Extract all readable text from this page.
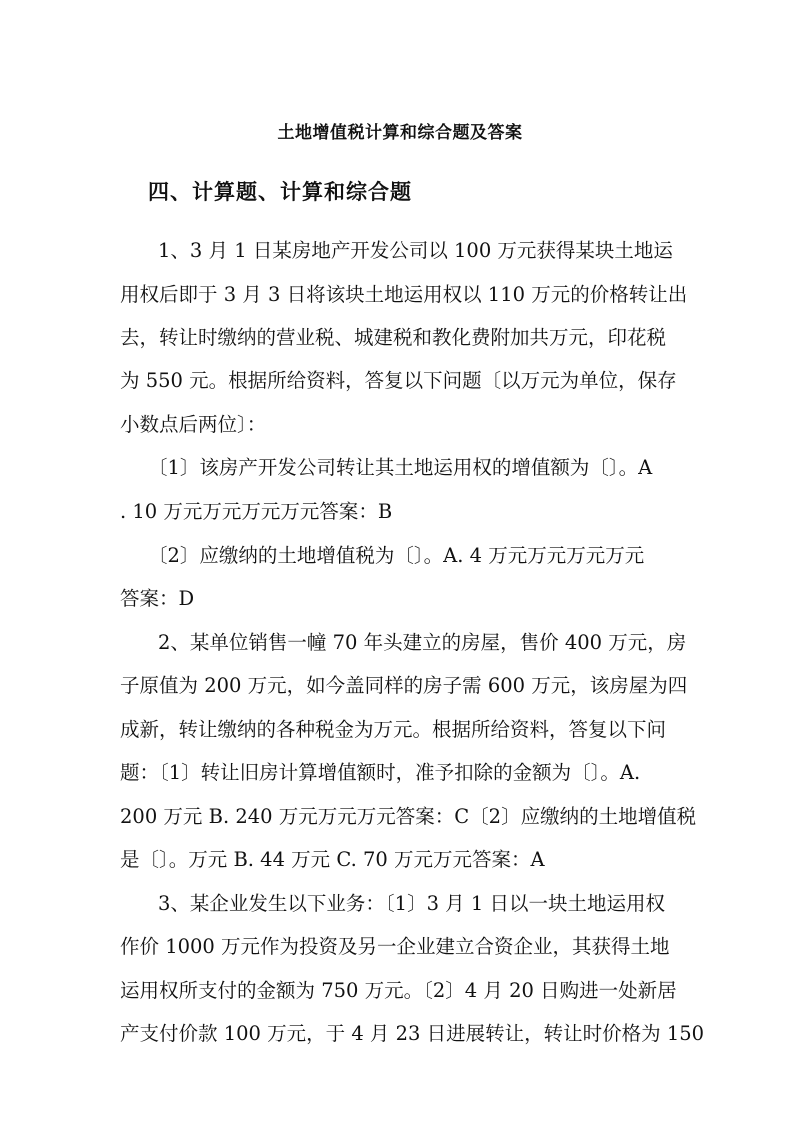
土地增值税计算和综合题及答案
四、计算题、计算和综合题
1、3 月 1 日某房地产开发公司以 100 万元获得某块土地运
用权后即于 3 月 3 日将该块土地运用权以 110 万元的价格转让出
去，转让时缴纳的营业税、城建税和教化费附加共万元，印花税
为 550 元。根据所给资料，答复以下问题〔以万元为单位，保存
小数点后两位〕：
〔1〕该房产开发公司转让其土地运用权的增值额为〔〕。A
. 10 万元万元万元万元答案：B
〔2〕应缴纳的土地增值税为〔〕。A. 4 万元万元万元万元
答案：D
2、某单位销售一幢 70 年头建立的房屋，售价 400 万元，房
子原值为 200 万元，如今盖同样的房子需 600 万元，该房屋为四
成新，转让缴纳的各种税金为万元。根据所给资料，答复以下问
题：〔1〕转让旧房计算增值额时，准予扣除的金额为〔〕。A.
200 万元 B. 240 万元万元万元答案：C〔2〕应缴纳的土地增值税
是〔〕。万元 B. 44 万元 C. 70 万元万元答案：A
3、某企业发生以下业务：〔1〕3 月 1 日以一块土地运用权
作价 1000 万元作为投资及另一企业建立合资企业，其获得土地
运用权所支付的金额为 750 万元。〔2〕4 月 20 日购进一处新居
产支付价款 100 万元，于 4 月 23 日进展转让，转让时价格为 150
